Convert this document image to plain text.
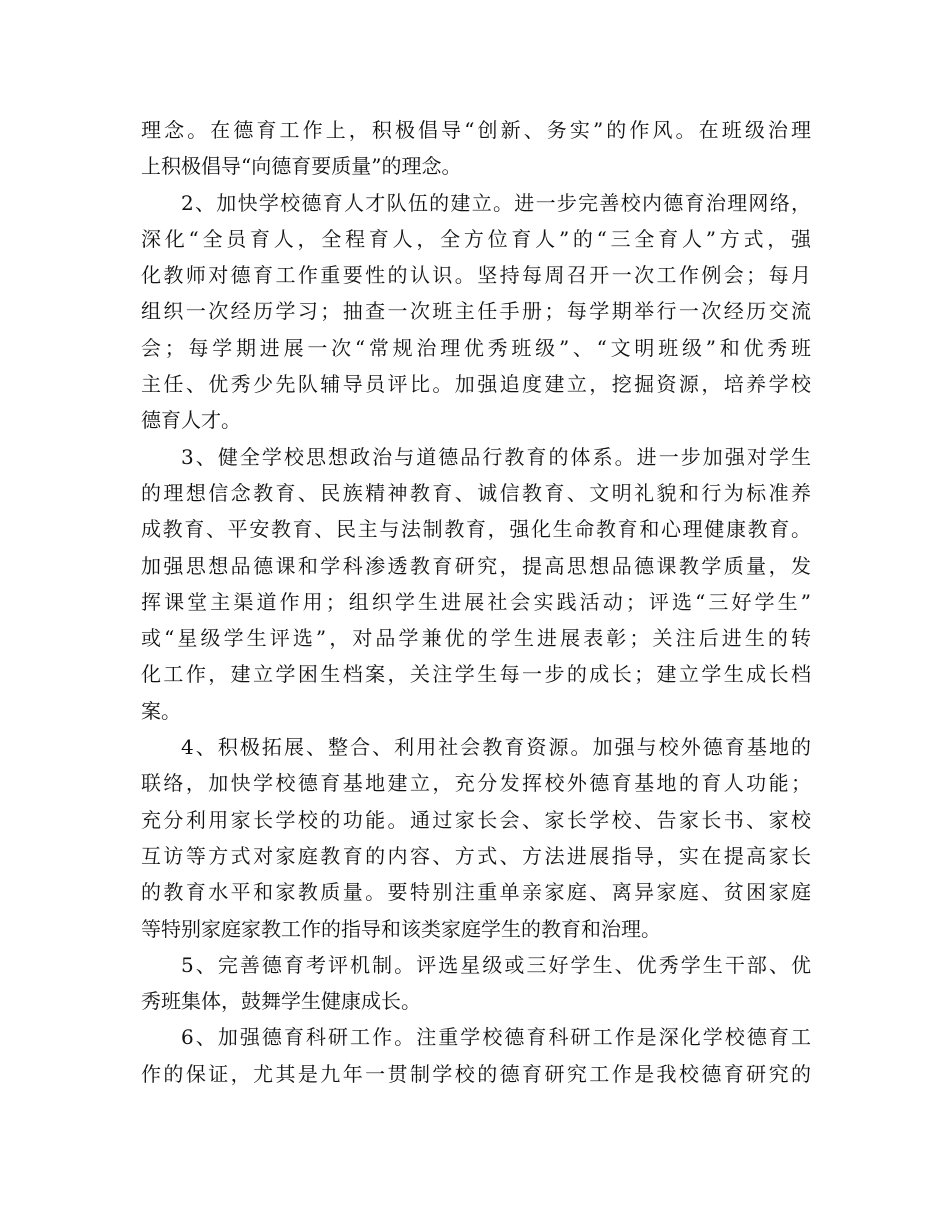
理念。在德育工作上，积极倡导“创新、务实”的作风。在班级治理
上积极倡导“向德育要质量”的理念。
2、加快学校德育人才队伍的建立。进一步完善校内德育治理网络，
深化“全员育人，全程育人，全方位育人”的“三全育人”方式，强
化教师对德育工作重要性的认识。坚持每周召开一次工作例会；每月
组织一次经历学习；抽查一次班主任手册；每学期举行一次经历交流
会；每学期进展一次“常规治理优秀班级”、“文明班级”和优秀班
主任、优秀少先队辅导员评比。加强追度建立，挖掘资源，培养学校
德育人才。
3、健全学校思想政治与道德品行教育的体系。进一步加强对学生
的理想信念教育、民族精神教育、诚信教育、文明礼貌和行为标准养
成教育、平安教育、民主与法制教育，强化生命教育和心理健康教育。
加强思想品德课和学科渗透教育研究，提高思想品德课教学质量，发
挥课堂主渠道作用；组织学生进展社会实践活动；评选“三好学生”
或“星级学生评选”，对品学兼优的学生进展表彰；关注后进生的转
化工作，建立学困生档案，关注学生每一步的成长；建立学生成长档
案。
4、积极拓展、整合、利用社会教育资源。加强与校外德育基地的
联络，加快学校德育基地建立，充分发挥校外德育基地的育人功能；
充分利用家长学校的功能。通过家长会、家长学校、告家长书、家校
互访等方式对家庭教育的内容、方式、方法进展指导，实在提高家长
的教育水平和家教质量。要特别注重单亲家庭、离异家庭、贫困家庭
等特别家庭家教工作的指导和该类家庭学生的教育和治理。
5、完善德育考评机制。评选星级或三好学生、优秀学生干部、优
秀班集体，鼓舞学生健康成长。
6、加强德育科研工作。注重学校德育科研工作是深化学校德育工
作的保证，尤其是九年一贯制学校的德育研究工作是我校德育研究的
